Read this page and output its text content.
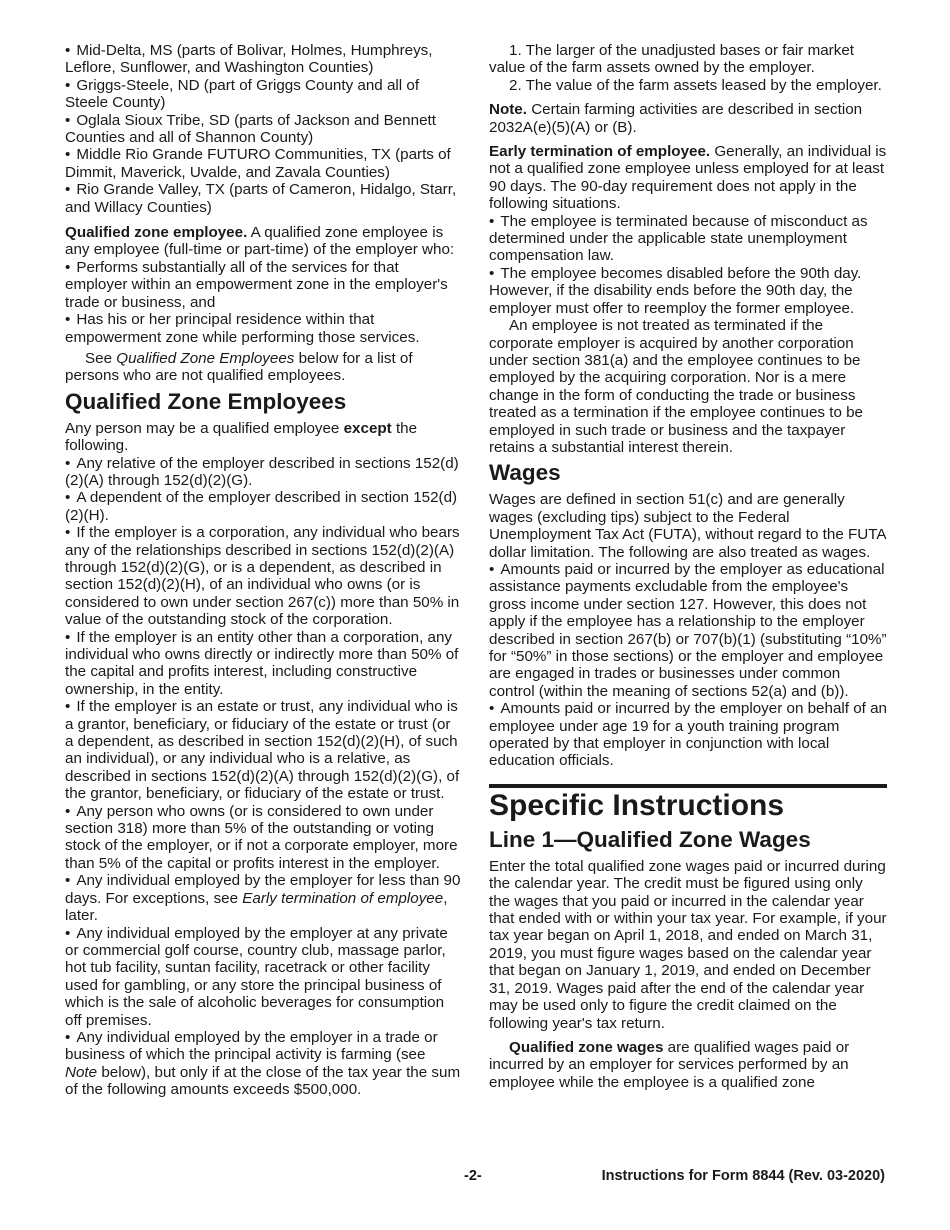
• Mid-Delta, MS (parts of Bolivar, Holmes, Humphreys, Leflore, Sunflower, and Washington Counties)

• Griggs-Steele, ND (part of Griggs County and all of Steele County)

• Oglala Sioux Tribe, SD (parts of Jackson and Bennett Counties and all of Shannon County)

• Middle Rio Grande FUTURO Communities, TX (parts of Dimmit, Maverick, Uvalde, and Zavala Counties)

• Rio Grande Valley, TX (parts of Cameron, Hidalgo, Starr, and Willacy Counties)

Qualified zone employee. A qualified zone employee is any employee (full-time or part-time) of the employer who:

• Performs substantially all of the services for that employer within an empowerment zone in the employer's trade or business, and

• Has his or her principal residence within that empowerment zone while performing those services.

See Qualified Zone Employees below for a list of persons who are not qualified employees.

Qualified Zone Employees

Any person may be a qualified employee except the following.

• Any relative of the employer described in sections 152(d)(2)(A) through 152(d)(2)(G).

• A dependent of the employer described in section 152(d)(2)(H).

• If the employer is a corporation, any individual who bears any of the relationships described in sections 152(d)(2)(A) through 152(d)(2)(G), or is a dependent, as described in section 152(d)(2)(H), of an individual who owns (or is considered to own under section 267(c)) more than 50% in value of the outstanding stock of the corporation.

• If the employer is an entity other than a corporation, any individual who owns directly or indirectly more than 50% of the capital and profits interest, including constructive ownership, in the entity.

• If the employer is an estate or trust, any individual who is a grantor, beneficiary, or fiduciary of the estate or trust (or a dependent, as described in section 152(d)(2)(H), of such an individual), or any individual who is a relative, as described in sections 152(d)(2)(A) through 152(d)(2)(G), of the grantor, beneficiary, or fiduciary of the estate or trust.

• Any person who owns (or is considered to own under section 318) more than 5% of the outstanding or voting stock of the employer, or if not a corporate employer, more than 5% of the capital or profits interest in the employer.

• Any individual employed by the employer for less than 90 days. For exceptions, see Early termination of employee, later.

• Any individual employed by the employer at any private or commercial golf course, country club, massage parlor, hot tub facility, suntan facility, racetrack or other facility used for gambling, or any store the principal business of which is the sale of alcoholic beverages for consumption off premises.

• Any individual employed by the employer in a trade or business of which the principal activity is farming (see Note below), but only if at the close of the tax year the sum of the following amounts exceeds $500,000.

1. The larger of the unadjusted bases or fair market value of the farm assets owned by the employer.

2. The value of the farm assets leased by the employer.

Note. Certain farming activities are described in section 2032A(e)(5)(A) or (B).

Early termination of employee. Generally, an individual is not a qualified zone employee unless employed for at least 90 days. The 90-day requirement does not apply in the following situations.

• The employee is terminated because of misconduct as determined under the applicable state unemployment compensation law.

• The employee becomes disabled before the 90th day. However, if the disability ends before the 90th day, the employer must offer to reemploy the former employee.

An employee is not treated as terminated if the corporate employer is acquired by another corporation under section 381(a) and the employee continues to be employed by the acquiring corporation. Nor is a mere change in the form of conducting the trade or business treated as a termination if the employee continues to be employed in such trade or business and the taxpayer retains a substantial interest therein.

Wages

Wages are defined in section 51(c) and are generally wages (excluding tips) subject to the Federal Unemployment Tax Act (FUTA), without regard to the FUTA dollar limitation. The following are also treated as wages.

• Amounts paid or incurred by the employer as educational assistance payments excludable from the employee's gross income under section 127. However, this does not apply if the employee has a relationship to the employer described in section 267(b) or 707(b)(1) (substituting “10%” for “50%” in those sections) or the employer and employee are engaged in trades or businesses under common control (within the meaning of sections 52(a) and (b)).

• Amounts paid or incurred by the employer on behalf of an employee under age 19 for a youth training program operated by that employer in conjunction with local education officials.

Specific Instructions
Line 1—Qualified Zone Wages

Enter the total qualified zone wages paid or incurred during the calendar year. The credit must be figured using only the wages that you paid or incurred in the calendar year that ended with or within your tax year. For example, if your tax year began on April 1, 2018, and ended on March 31, 2019, you must figure wages based on the calendar year that began on January 1, 2019, and ended on December 31, 2019. Wages paid after the end of the calendar year may be used only to figure the credit claimed on the following year's tax return.

Qualified zone wages are qualified wages paid or incurred by an employer for services performed by an employee while the employee is a qualified zone

-2-	Instructions for Form 8844 (Rev. 03-2020)
